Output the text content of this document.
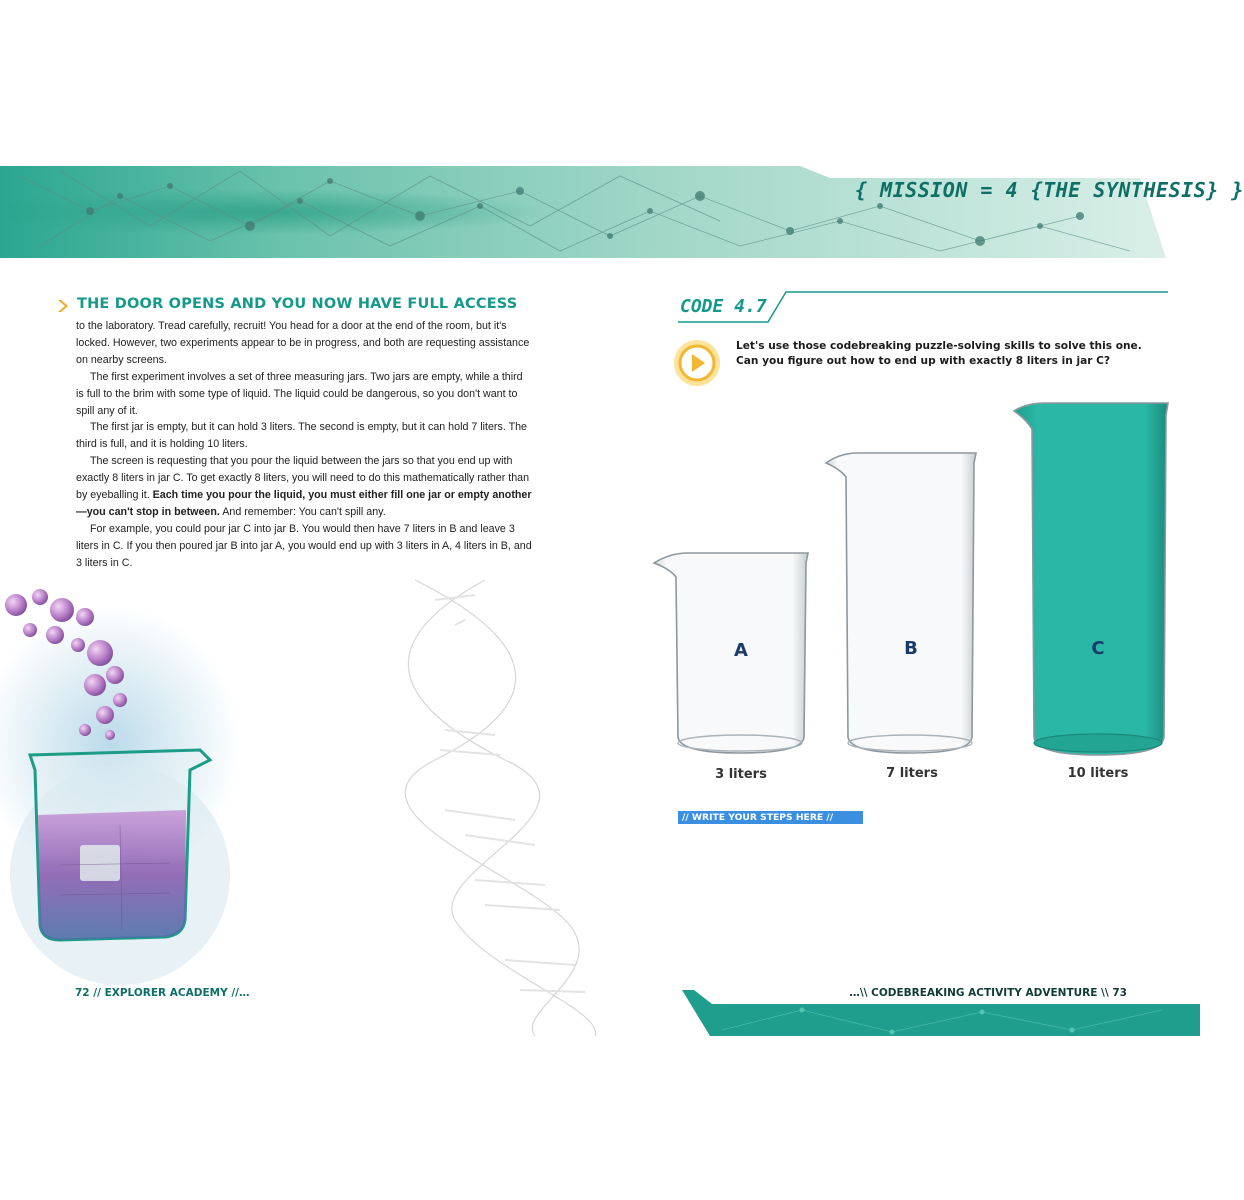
{ MISSION = 4 {THE SYNTHESIS} }
THE DOOR OPENS AND YOU NOW HAVE FULL ACCESS

to the laboratory. Tread carefully, recruit! You head for a door at the end of the room, but it's locked. However, two experiments appear to be in progress, and both are requesting assistance on nearby screens.

The first experiment involves a set of three measuring jars. Two jars are empty, while a third is full to the brim with some type of liquid. The liquid could be dangerous, so you don't want to spill any of it.

The first jar is empty, but it can hold 3 liters. The second is empty, but it can hold 7 liters. The third is full, and it is holding 10 liters.

The screen is requesting that you pour the liquid between the jars so that you end up with exactly 8 liters in jar C. To get exactly 8 liters, you will need to do this mathematically rather than by eyeballing it. Each time you pour the liquid, you must either fill one jar or empty another—you can't stop in between. And remember: You can't spill any.

For example, you could pour jar C into jar B. You would then have 7 liters in B and leave 3 liters in C. If you then poured jar B into jar A, you would end up with 3 liters in A, 4 liters in B, and 3 liters in C.

72 // EXPLORER ACADEMY //…
CODE 4.7
Let's use those codebreaking puzzle-solving skills to solve this one.
Can you figure out how to end up with exactly 8 liters in jar C?
A	B	C
3 liters	7 liters	10 liters
// WRITE YOUR STEPS HERE //
…\\ CODEBREAKING ACTIVITY ADVENTURE \\ 73
